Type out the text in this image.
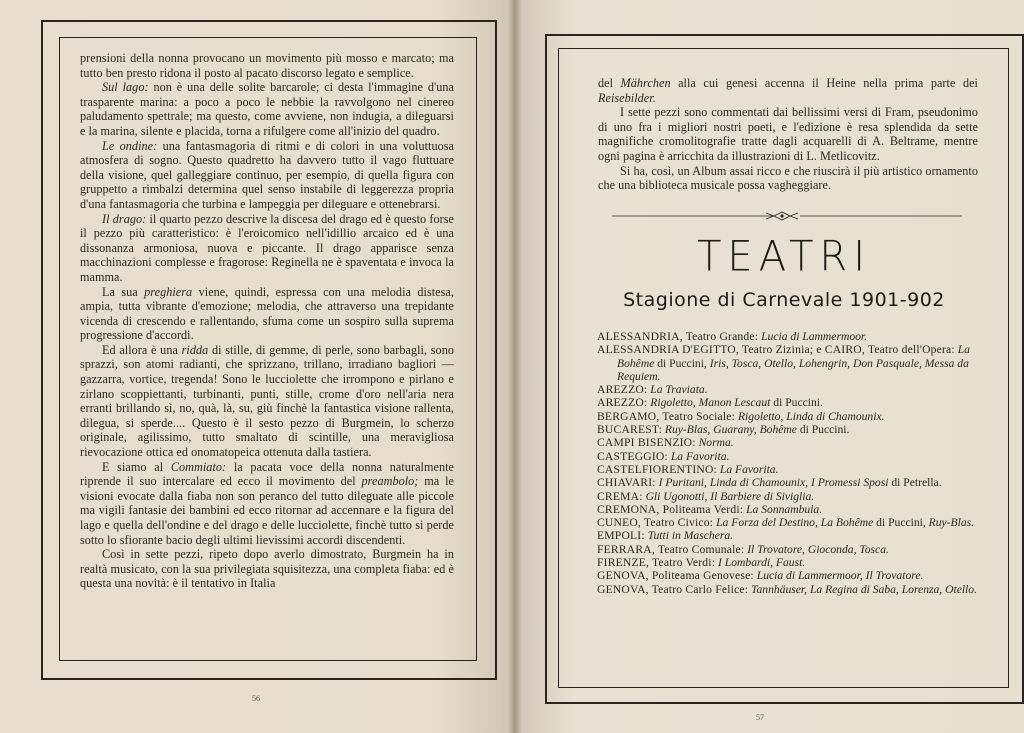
prensioni della nonna provocano un movimento più mosso e marcato; ma tutto ben presto ridona il posto al pacato discorso legato e semplice.

Sul lago: non è una delle solite barcarole; ci desta l'immagine d'una trasparente marina: a poco a poco le nebbie la ravvolgono nel cinereo paludamento spettrale; ma questo, come avviene, non indugia, a dileguarsi e la marina, silente e placida, torna a rifulgere come all'inizio del quadro.

Le ondine: una fantasmagoria di ritmi e di colori in una voluttuosa atmosfera di sogno. Questo quadretto ha davvero tutto il vago fluttuare della visione, quel galleggiare continuo, per esempio, di quella figura con gruppetto a rimbalzi determina quel senso instabile di leggerezza propria d'una fantasmagoria che turbina e lampeggia per dileguare e ottenebrarsi.

Il drago: il quarto pezzo descrive la discesa del drago ed è questo forse il pezzo più caratteristico: è l'eroicomico nell'idillio arcaico ed è una dissonanza armoniosa, nuova e piccante. Il drago apparisce senza macchinazioni complesse e fragorose: Reginella ne è spaventata e invoca la mamma.

La sua preghiera viene, quindi, espressa con una melodia distesa, ampia, tutta vibrante d'emozione; melodia, che attraverso una trepidante vicenda di crescendo e rallentando, sfuma come un sospiro sulla suprema progressione d'accordi.

Ed allora è una ridda di stille, di gemme, di perle, sono barbagli, sono sprazzi, son atomi radianti, che sprizzano, trillano, irradiano bagliori — gazzarra, vortice, tregenda! Sono le lucciolette che irrompono e pirlano e zirlano scoppiettanti, turbinanti, punti, stille, crome d'oro nell'aria nera erranti brillando sì, no, quà, là, su, giù finchè la fantastica visione rallenta, dilegua, si sperde.... Questo è il sesto pezzo di Burgmein, lo scherzo originale, agilissimo, tutto smaltato di scintille, una meravigliosa rievocazione ottica ed onomatopeica ottenuta dalla tastiera.

E siamo al Commiato: la pacata voce della nonna naturalmente riprende il suo intercalare ed ecco il movimento del preambolo; ma le visioni evocate dalla fiaba non son peranco del tutto dileguate alle piccole ma vigili fantasie dei bambini ed ecco ritornar ad accennare e la figura del lago e quella dell'ondine e del drago e delle lucciolette, finchè tutto si perde sotto lo sfiorante bacio degli ultimi lievissimi accordi discendenti.

Così in sette pezzi, ripeto dopo averlo dimostrato, Burgmein ha in realtà musicato, con la sua privilegiata squisitezza, una completa fiaba: ed è questa una novità: è il tentativo in Italia

56

del Mährchen alla cui genesi accenna il Heine nella prima parte dei Reisebilder.

I sette pezzi sono commentati dai bellissimi versi di Fram, pseudonimo di uno fra i migliori nostri poeti, e l'edizione è resa splendida da sette magnifiche cromolitografie tratte dagli acquarelli di A. Beltrame, mentre ogni pagina è arricchita da illustrazioni di L. Metlicovitz.

Si ha, così, un Album assai ricco e che riuscirà il più artistico ornamento che una biblioteca musicale possa vagheggiare.

TEATRI
Stagione di Carnevale 1901-902

ALESSANDRIA, Teatro Grande: Lucia di Lammermoor.

ALESSANDRIA D'EGITTO, Teatro Zizinia; e CAIRO, Teatro dell'Opera: La Bohême di Puccini, Iris, Tosca, Otello, Lohengrin, Don Pasquale, Messa da Requiem.

AREZZO: La Traviata.

AREZZO: Rigoletto, Manon Lescaut di Puccini.

BERGAMO, Teatro Sociale: Rigoletto, Linda di Chamounix.

BUCAREST: Ruy-Blas, Guarany, Bohême di Puccini.

CAMPI BISENZIO: Norma.

CASTEGGIO: La Favorita.

CASTELFIORENTINO: La Favorita.

CHIAVARI: I Puritani, Linda di Chamounix, I Promessi Sposi di Petrella.

CREMA: Gli Ugonotti, Il Barbiere di Siviglia.

CREMONA, Politeama Verdi: La Sonnambula.

CUNEO, Teatro Civico: La Forza del Destino, La Bohême di Puccini, Ruy-Blas.

EMPOLI: Tutti in Maschera.

FERRARA, Teatro Comunale: Il Trovatore, Gioconda, Tosca.

FIRENZE, Teatro Verdi: I Lombardi, Faust.

GENOVA, Politeama Genovese: Lucia di Lammermoor, Il Trovatore.

GENOVA, Teatro Carlo Felice: Tannhäuser, La Regina di Saba, Lorenza, Otello.

57
